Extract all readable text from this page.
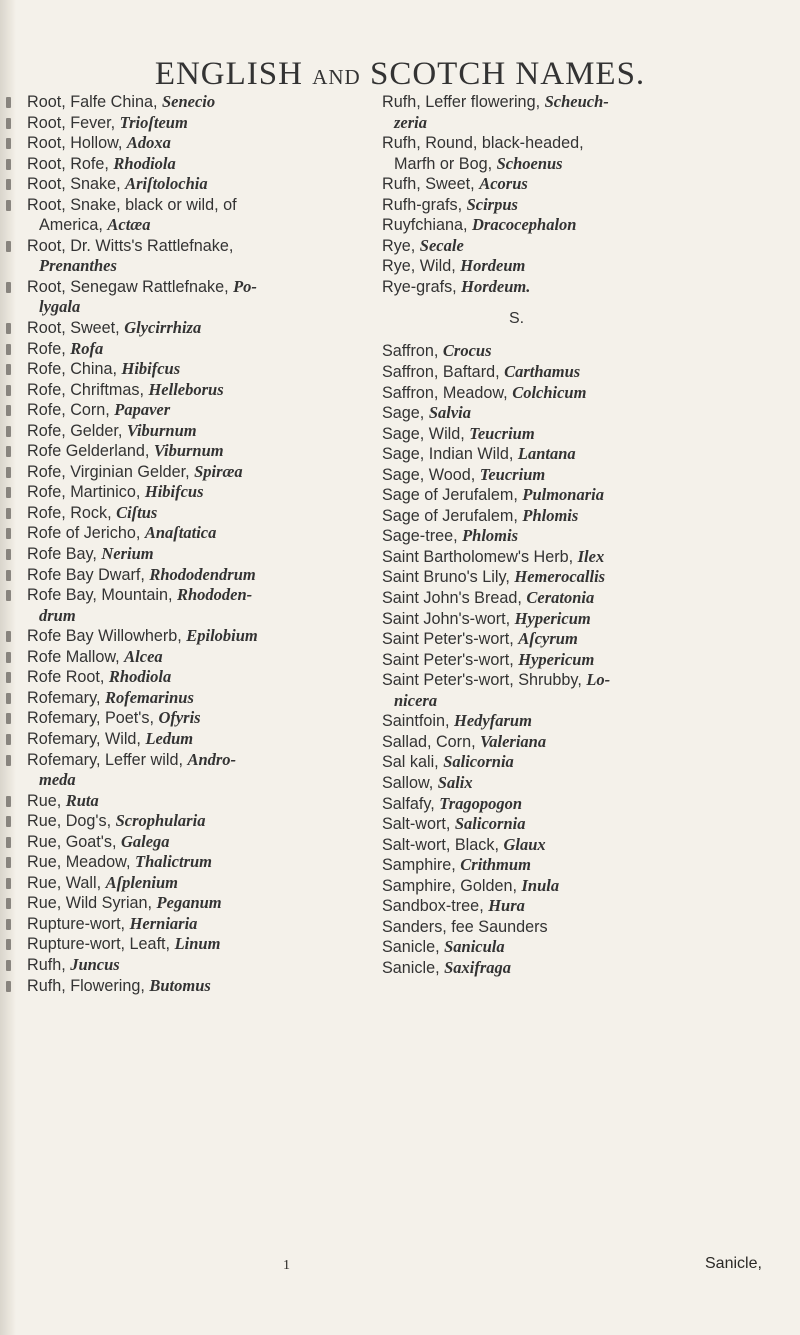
ENGLISH AND SCOTCH NAMES.
Root, Falfe China, Senecio
Root, Fever, Trioſteum
Root, Hollow, Adoxa
Root, Rofe, Rhodiola
Root, Snake, Ariſtolochia
Root, Snake, black or wild, of
America, Actæa
Root, Dr. Witts's Rattlefnake,
Prenanthes
Root, Senegaw Rattlefnake, Po-
lygala
Root, Sweet, Glycirrhiza
Rofe, Rofa
Rofe, China, Hibifcus
Rofe, Chriftmas, Helleborus
Rofe, Corn, Papaver
Rofe, Gelder, Viburnum
Rofe Gelderland, Viburnum
Rofe, Virginian Gelder, Spiræa
Rofe, Martinico, Hibifcus
Rofe, Rock, Ciſtus
Rofe of Jericho, Anaſtatica
Rofe Bay, Nerium
Rofe Bay Dwarf, Rhododendrum
Rofe Bay, Mountain, Rhododen-
drum
Rofe Bay Willowherb, Epilobium
Rofe Mallow, Alcea
Rofe Root, Rhodiola
Rofemary, Rofemarinus
Rofemary, Poet's, Ofyris
Rofemary, Wild, Ledum
Rofemary, Leffer wild, Andro-
meda
Rue, Ruta
Rue, Dog's, Scrophularia
Rue, Goat's, Galega
Rue, Meadow, Thalictrum
Rue, Wall, Aſplenium
Rue, Wild Syrian, Peganum
Rupture-wort, Herniaria
Rupture-wort, Leaft, Linum
Rufh, Juncus
Rufh, Flowering, Butomus
Rufh, Leffer flowering, Scheuch-
zeria
Rufh, Round, black-headed,
Marfh or Bog, Schoenus
Rufh, Sweet, Acorus
Rufh-grafs, Scirpus
Ruyfchiana, Dracocephalon
Rye, Secale
Rye, Wild, Hordeum
Rye-grafs, Hordeum.
S.
Saffron, Crocus
Saffron, Baftard, Carthamus
Saffron, Meadow, Colchicum
Sage, Salvia
Sage, Wild, Teucrium
Sage, Indian Wild, Lantana
Sage, Wood, Teucrium
Sage of Jerufalem, Pulmonaria
Sage of Jerufalem, Phlomis
Sage-tree, Phlomis
Saint Bartholomew's Herb, Ilex
Saint Bruno's Lily, Hemerocallis
Saint John's Bread, Ceratonia
Saint John's-wort, Hypericum
Saint Peter's-wort, Aſcyrum
Saint Peter's-wort, Hypericum
Saint Peter's-wort, Shrubby, Lo-
nicera
Saintfoin, Hedyfarum
Sallad, Corn, Valeriana
Sal kali, Salicornia
Sallow, Salix
Salfafy, Tragopogon
Salt-wort, Salicornia
Salt-wort, Black, Glaux
Samphire, Crithmum
Samphire, Golden, Inula
Sandbox-tree, Hura
Sanders, fee Saunders
Sanicle, Sanicula
Sanicle, Saxifraga
1	Sanicle,
